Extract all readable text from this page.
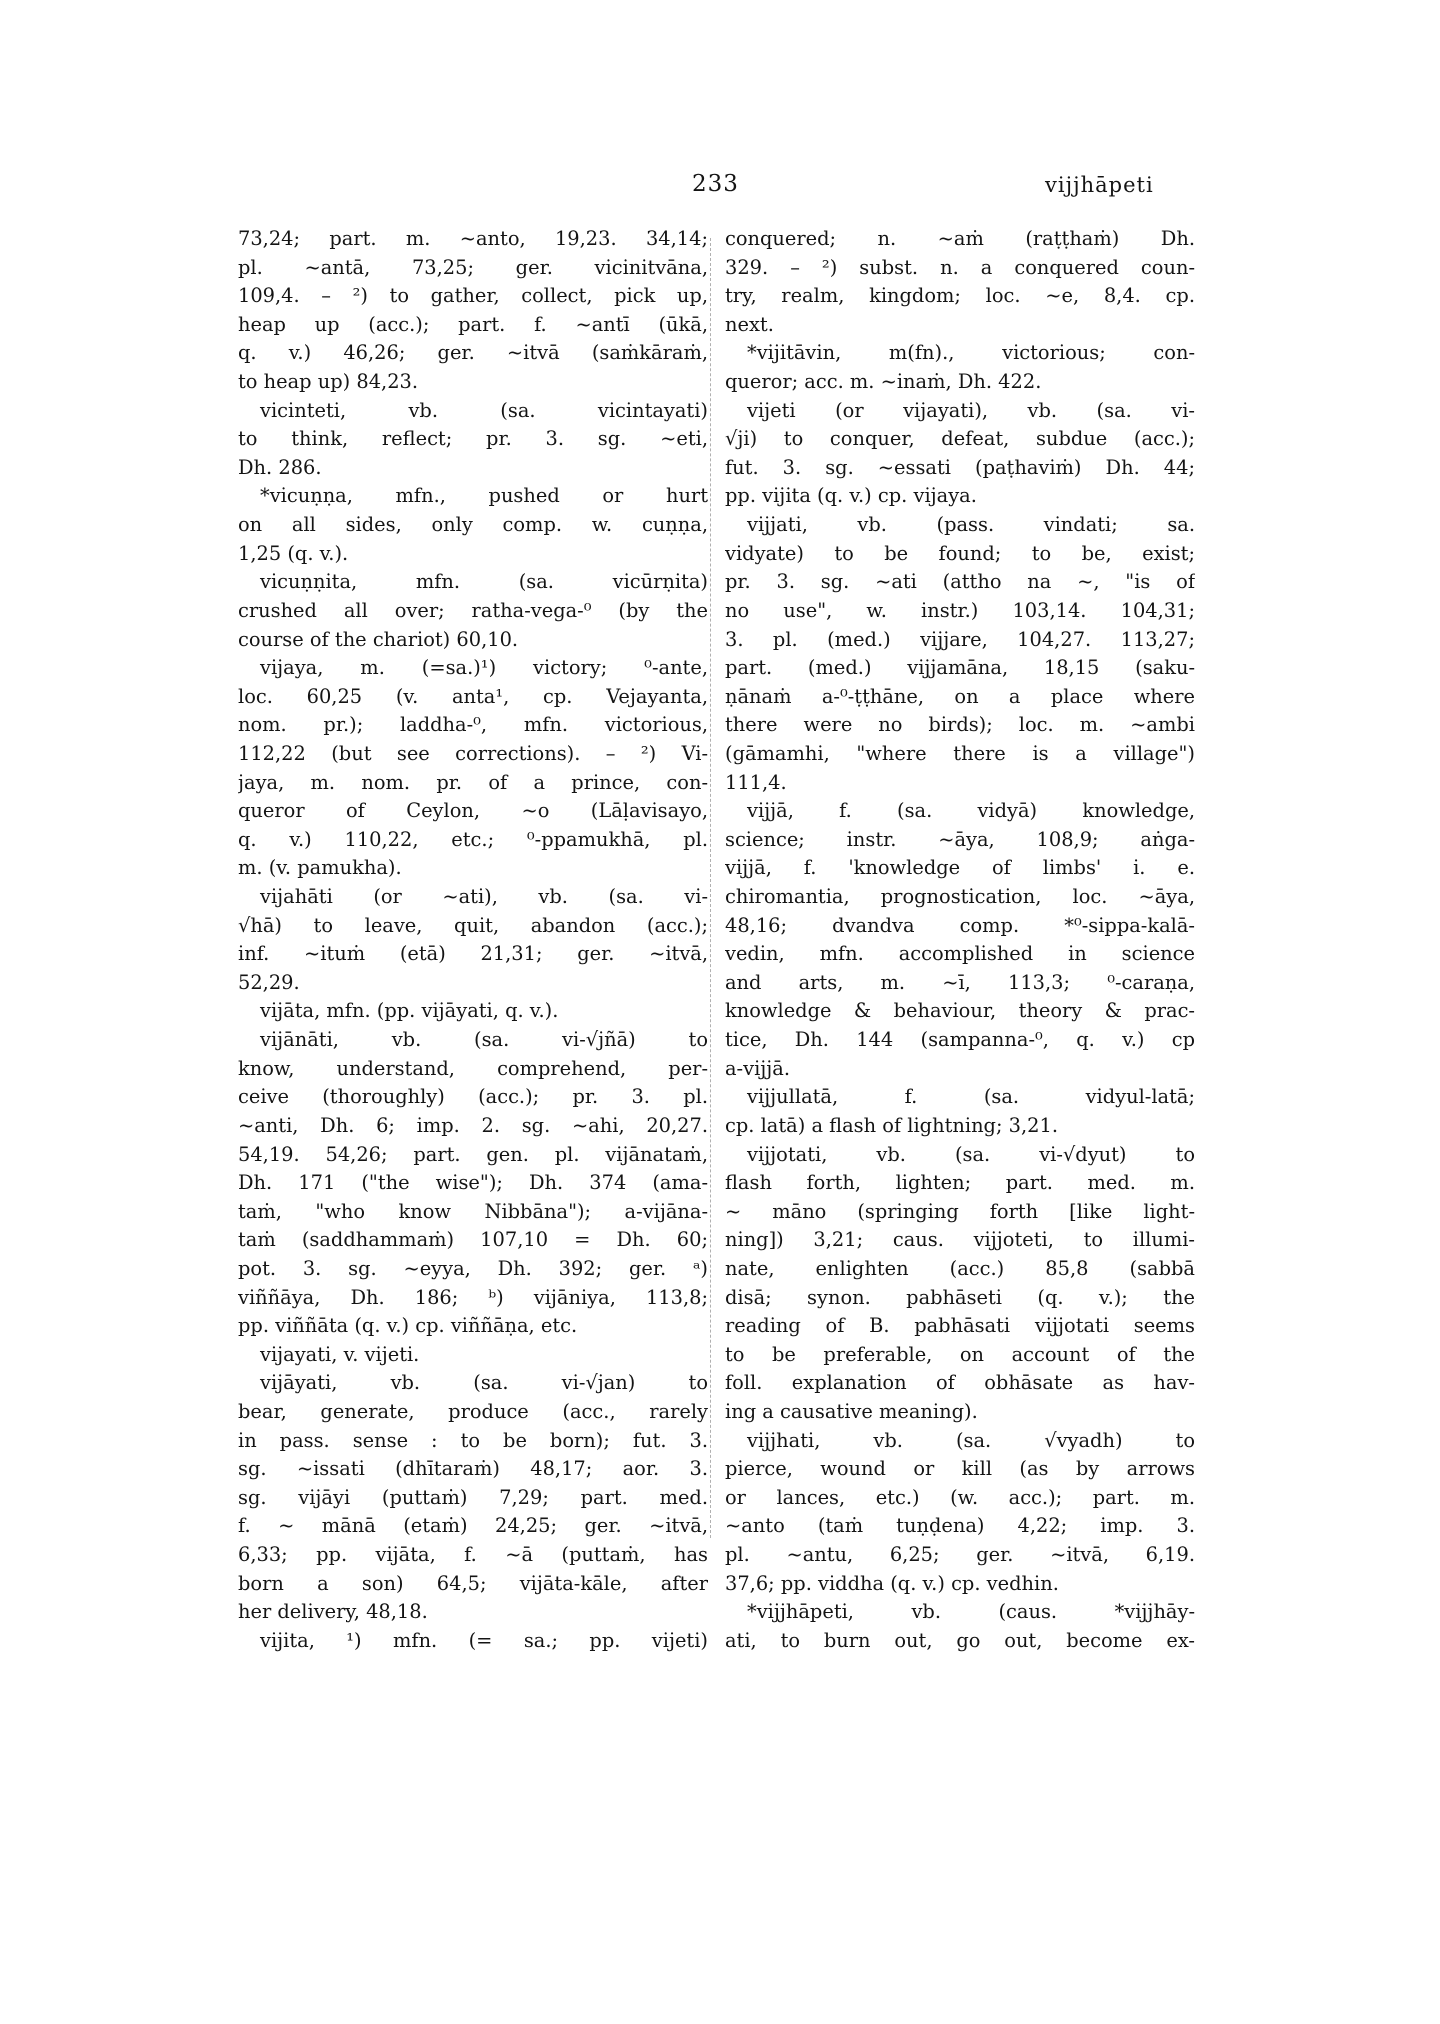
233	vijjhāpeti
73,24; part. m. ~anto, 19,23. 34,14;
pl. ~antā, 73,25; ger. vicinitvāna,
109,4. – ²) to gather, collect, pick up,
heap up (acc.); part. f. ~antī (ūkā,
q. v.) 46,26; ger. ~itvā (saṁkāraṁ,
to heap up) 84,23.
vicinteti, vb. (sa. vicintayati)
to think, reflect; pr. 3. sg. ~eti,
Dh. 286.
*vicuṇṇa, mfn., pushed or hurt
on all sides, only comp. w. cuṇṇa,
1,25 (q. v.).
vicuṇṇita, mfn. (sa. vicūrṇita)
crushed all over; ratha-vega-⁰ (by the
course of the chariot) 60,10.
vijaya, m. (=sa.)¹) victory; ⁰-ante,
loc. 60,25 (v. anta¹, cp. Vejayanta,
nom. pr.); laddha-⁰, mfn. victorious,
112,22 (but see corrections). – ²) Vi-
jaya, m. nom. pr. of a prince, con-
queror of Ceylon, ~o (Lāḷavisayo,
q. v.) 110,22, etc.; ⁰-ppamukhā, pl.
m. (v. pamukha).
vijahāti (or ~ati), vb. (sa. vi-
√hā) to leave, quit, abandon (acc.);
inf. ~ituṁ (etā) 21,31; ger. ~itvā,
52,29.
vijāta, mfn. (pp. vijāyati, q. v.).
vijānāti, vb. (sa. vi-√jñā) to
know, understand, comprehend, per-
ceive (thoroughly) (acc.); pr. 3. pl.
~anti, Dh. 6; imp. 2. sg. ~ahi, 20,27.
54,19. 54,26; part. gen. pl. vijānataṁ,
Dh. 171 ("the wise"); Dh. 374 (ama-
taṁ, "who know Nibbāna"); a-vijāna-
taṁ (saddhammaṁ) 107,10 = Dh. 60;
pot. 3. sg. ~eyya, Dh. 392; ger. ᵃ)
viññāya, Dh. 186; ᵇ) vijāniya, 113,8;
pp. viññāta (q. v.) cp. viññāṇa, etc.
vijayati, v. vijeti.
vijāyati, vb. (sa. vi-√jan) to
bear, generate, produce (acc., rarely
in pass. sense : to be born); fut. 3.
sg. ~issati (dhītaraṁ) 48,17; aor. 3.
sg. vijāyi (puttaṁ) 7,29; part. med.
f. ~ mānā (etaṁ) 24,25; ger. ~itvā,
6,33; pp. vijāta, f. ~ā (puttaṁ, has
born a son) 64,5; vijāta-kāle, after
her delivery, 48,18.
vijita, ¹) mfn. (= sa.; pp. vijeti)
conquered; n. ~aṁ (raṭṭhaṁ) Dh.
329. – ²) subst. n. a conquered coun-
try, realm, kingdom; loc. ~e, 8,4. cp.
next.
*vijitāvin, m(fn)., victorious; con-
queror; acc. m. ~inaṁ, Dh. 422.
vijeti (or vijayati), vb. (sa. vi-
√ji) to conquer, defeat, subdue (acc.);
fut. 3. sg. ~essati (paṭhaviṁ) Dh. 44;
pp. vijita (q. v.) cp. vijaya.
vijjati, vb. (pass. vindati; sa.
vidyate) to be found; to be, exist;
pr. 3. sg. ~ati (attho na ~, "is of
no use", w. instr.) 103,14. 104,31;
3. pl. (med.) vijjare, 104,27. 113,27;
part. (med.) vijjamāna, 18,15 (saku-
ṇānaṁ a-⁰-ṭṭhāne, on a place where
there were no birds); loc. m. ~ambi
(gāmamhi, "where there is a village")
111,4.
vijjā, f. (sa. vidyā) knowledge,
science; instr. ~āya, 108,9; aṅga-
vijjā, f. 'knowledge of limbs' i. e.
chiromantia, prognostication, loc. ~āya,
48,16; dvandva comp. *⁰-sippa-kalā-
vedin, mfn. accomplished in science
and arts, m. ~ī, 113,3; ⁰-caraṇa,
knowledge & behaviour, theory & prac-
tice, Dh. 144 (sampanna-⁰, q. v.) cp
a-vijjā.
vijjullatā, f. (sa. vidyul-latā;
cp. latā) a flash of lightning; 3,21.
vijjotati, vb. (sa. vi-√dyut) to
flash forth, lighten; part. med. m.
~ māno (springing forth [like light-
ning]) 3,21; caus. vijjoteti, to illumi-
nate, enlighten (acc.) 85,8 (sabbā
disā; synon. pabhāseti (q. v.); the
reading of B. pabhāsati vijjotati seems
to be preferable, on account of the
foll. explanation of obhāsate as hav-
ing a causative meaning).
vijjhati, vb. (sa. √vyadh) to
pierce, wound or kill (as by arrows
or lances, etc.) (w. acc.); part. m.
~anto (taṁ tuṇḍena) 4,22; imp. 3.
pl. ~antu, 6,25; ger. ~itvā, 6,19.
37,6; pp. viddha (q. v.) cp. vedhin.
*vijjhāpeti, vb. (caus. *vijjhāy-
ati, to burn out, go out, become ex-
